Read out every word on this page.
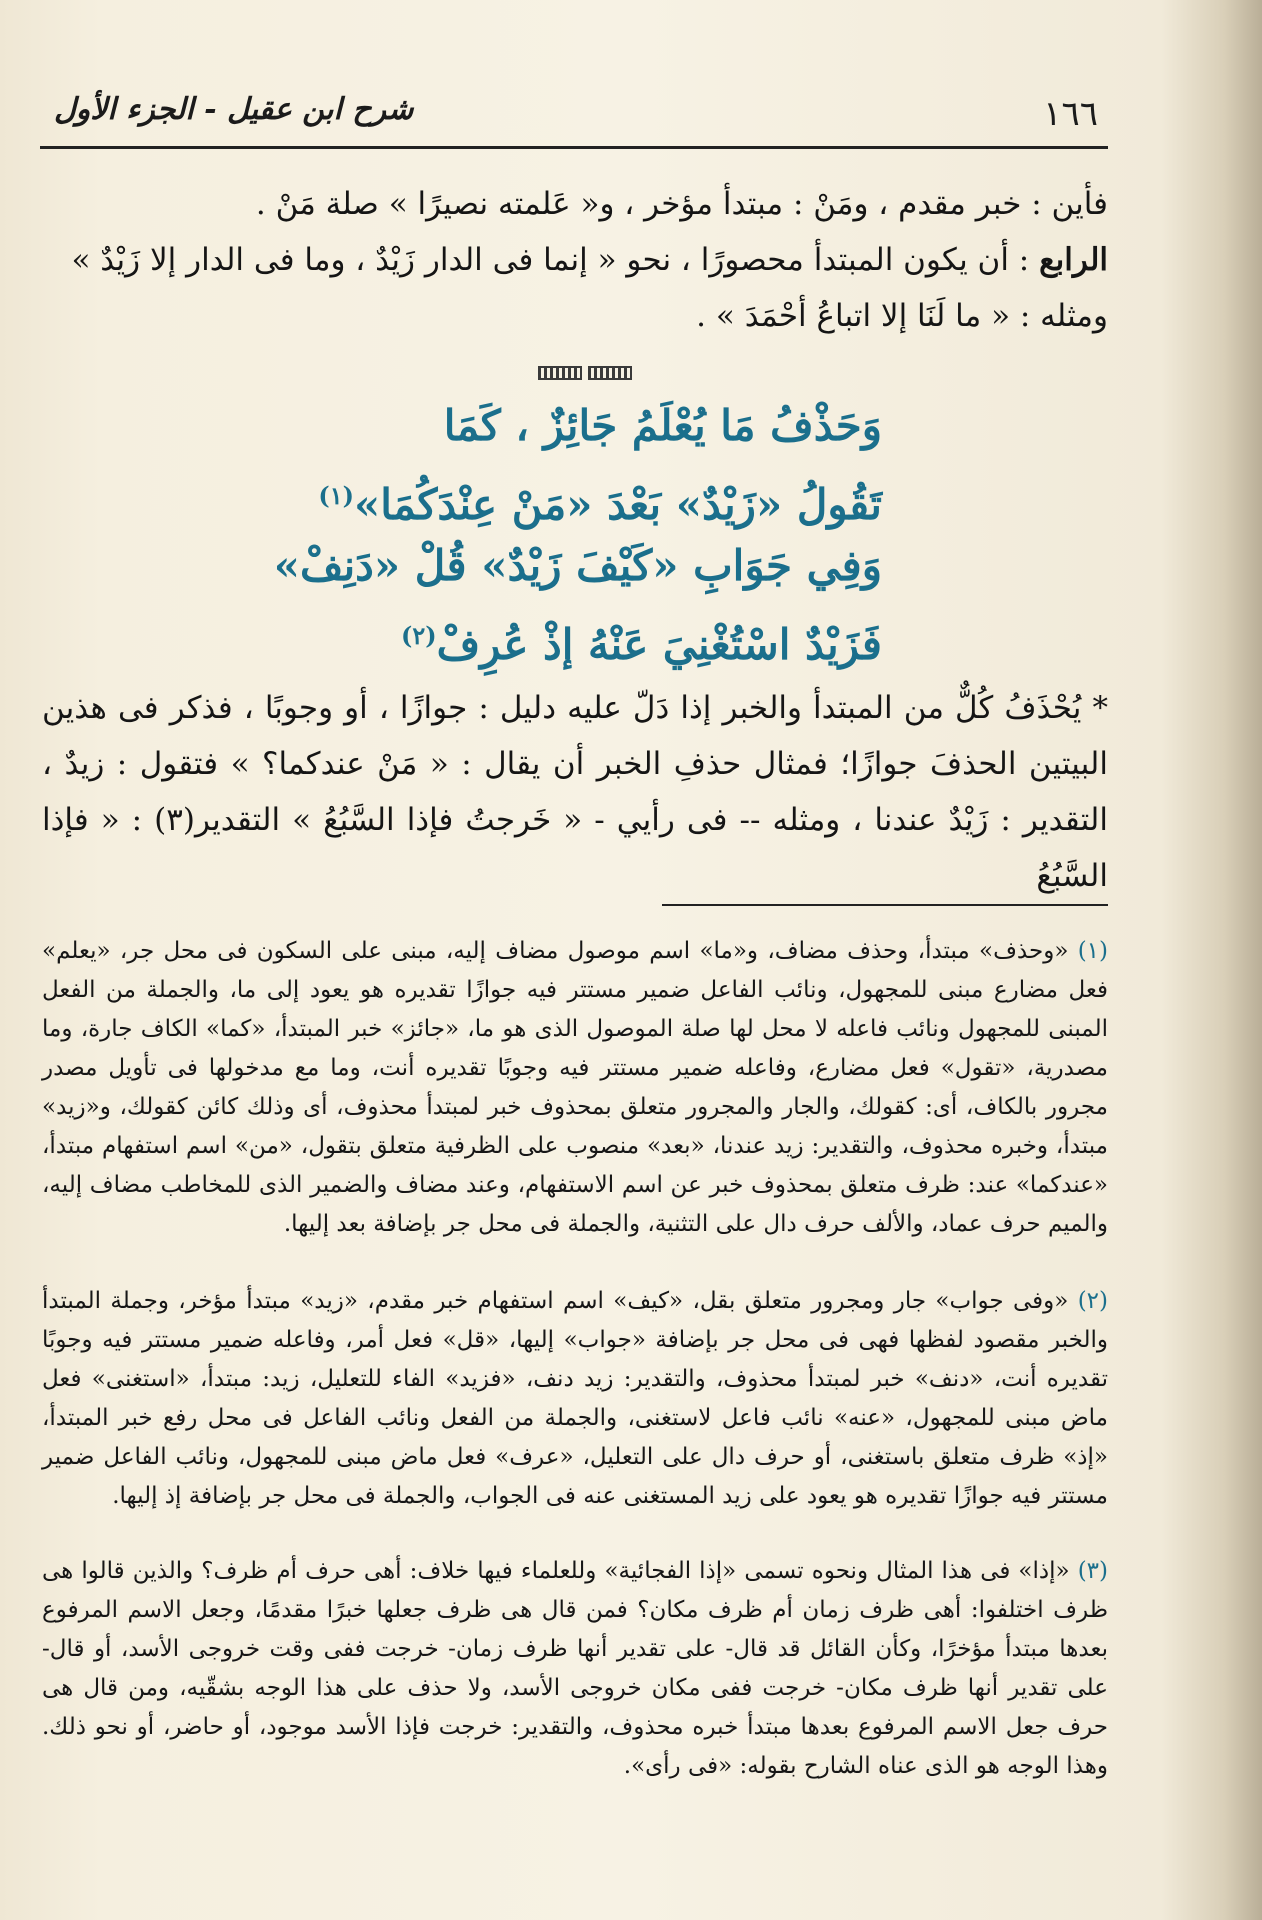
١٦٦
شرح ابن عقيل - الجزء الأول

فأين : خبر مقدم ، ومَنْ : مبتدأ مؤخر ، و« عَلمته نصيرًا » صلة مَنْ .

الرابع : أن يكون المبتدأ محصورًا ، نحو « إنما فى الدار زَيْدٌ ، وما فى الدار إلا زَيْدٌ »

ومثله : « ما لَنَا إلا اتباعُ أحْمَدَ » .

وَحَذْفُ مَا يُعْلَمُ جَائِزٌ ، كَمَا
تَقُولُ «زَيْدٌ» بَعْدَ «مَنْ عِنْدَكُمَا»$^{(١)}$
وَفِي جَوَابِ «كَيْفَ زَيْدٌ» قُلْ «دَنِفْ»
فَزَيْدٌ اسْتُغْنِيَ عَنْهُ إذْ عُرِفْ$^{(٢)}$

* يُحْذَفُ كُلٌّ من المبتدأ والخبر إذا دَلّ عليه دليل : جوازًا ، أو وجوبًا ، فذكر فى هذين البيتين الحذفَ جوازًا؛ فمثال حذفِ الخبر أن يقال : « مَنْ عندكما؟ » فتقول : زيدٌ ، التقدير : زَيْدٌ عندنا ، ومثله -- فى رأيي - « خَرجتُ فإذا السَّبُعُ » التقدير(٣) : « فإذا السَّبُعُ

(١) «وحذف» مبتدأ، وحذف مضاف، و«ما» اسم موصول مضاف إليه، مبنى على السكون فى محل جر، «يعلم» فعل مضارع مبنى للمجهول، ونائب الفاعل ضمير مستتر فيه جوازًا تقديره هو يعود إلى ما، والجملة من الفعل المبنى للمجهول ونائب فاعله لا محل لها صلة الموصول الذى هو ما، «جائز» خبر المبتدأ، «كما» الكاف جارة، وما مصدرية، «تقول» فعل مضارع، وفاعله ضمير مستتر فيه وجوبًا تقديره أنت، وما مع مدخولها فى تأويل مصدر مجرور بالكاف، أى: كقولك، والجار والمجرور متعلق بمحذوف خبر لمبتدأ محذوف، أى وذلك كائن كقولك، و«زيد» مبتدأ، وخبره محذوف، والتقدير: زيد عندنا، «بعد» منصوب على الظرفية متعلق بتقول، «من» اسم استفهام مبتدأ، «عندكما» عند: ظرف متعلق بمحذوف خبر عن اسم الاستفهام، وعند مضاف والضمير الذى للمخاطب مضاف إليه، والميم حرف عماد، والألف حرف دال على التثنية، والجملة فى محل جر بإضافة بعد إليها.

(٢) «وفى جواب» جار ومجرور متعلق بقل، «كيف» اسم استفهام خبر مقدم، «زيد» مبتدأ مؤخر، وجملة المبتدأ والخبر مقصود لفظها فهى فى محل جر بإضافة «جواب» إليها، «قل» فعل أمر، وفاعله ضمير مستتر فيه وجوبًا تقديره أنت، «دنف» خبر لمبتدأ محذوف، والتقدير: زيد دنف، «فزيد» الفاء للتعليل، زيد: مبتدأ، «استغنى» فعل ماض مبنى للمجهول، «عنه» نائب فاعل لاستغنى، والجملة من الفعل ونائب الفاعل فى محل رفع خبر المبتدأ، «إذ» ظرف متعلق باستغنى، أو حرف دال على التعليل، «عرف» فعل ماض مبنى للمجهول، ونائب الفاعل ضمير مستتر فيه جوازًا تقديره هو يعود على زيد المستغنى عنه فى الجواب، والجملة فى محل جر بإضافة إذ إليها.

(٣) «إذا» فى هذا المثال ونحوه تسمى «إذا الفجائية» وللعلماء فيها خلاف: أهى حرف أم ظرف؟ والذين قالوا هى ظرف اختلفوا: أهى ظرف زمان أم ظرف مكان؟ فمن قال هى ظرف جعلها خبرًا مقدمًا، وجعل الاسم المرفوع بعدها مبتدأ مؤخرًا، وكأن القائل قد قال- على تقدير أنها ظرف زمان- خرجت ففى وقت خروجى الأسد، أو قال- على تقدير أنها ظرف مكان- خرجت ففى مكان خروجى الأسد، ولا حذف على هذا الوجه بشقّيه، ومن قال هى حرف جعل الاسم المرفوع بعدها مبتدأ خبره محذوف، والتقدير: خرجت فإذا الأسد موجود، أو حاضر، أو نحو ذلك. وهذا الوجه هو الذى عناه الشارح بقوله: «فى رأى».
